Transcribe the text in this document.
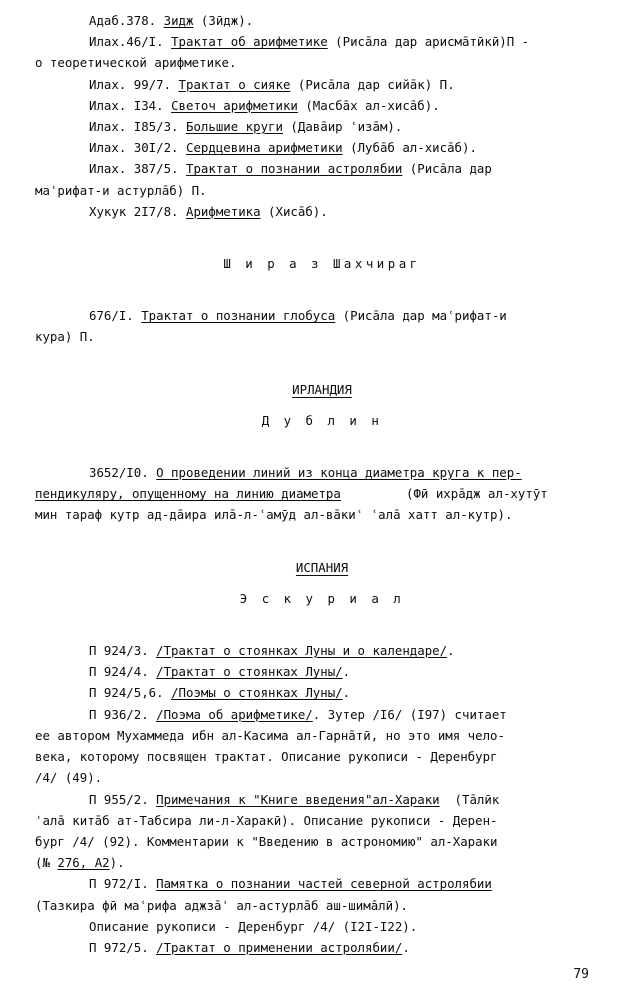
Адаб.378. Зидж (Зӣдж).

Илах.46/I. Трактат об арифметике (Рисāла дар арисмāтӣкӣ)П -
о теоретической арифметике.

Илах. 99/7. Трактат о сияке (Рисāла дар сийāк) П.

Илах. I34. Светоч арифметики (Масбāх ал-хисāб).

Илах. I85/3. Большие круги (Давāир ʿизāм).

Илах. 30I/2. Сердцевина арифметики (Лубāб ал-хисāб).

Илах. 387/5. Трактат о познании астролябии (Рисāла дар
маʿрифат-и астурлāб) П.

Хукук 2I7/8. Арифметика (Хисāб).

Ш и р а з Шахчираг

676/I. Трактат о познании глобуса (Рисāла дар маʿрифат-и
кура) П.

ИРЛАНДИЯ

Д у б л и н

3652/I0. О проведении линий из конца диаметра круга к пер-
пендикуляру, опущенному на линию диаметра	(Фӣ ихрāдж ал-хутӯт
мин тараф кутр ад-дāира илā-л-ʿамӯд ал-вāкиʿ ʿалā хатт ал-кутр).

ИСПАНИЯ

Э с к у р и а л

П 924/3. /Трактат о стоянках Луны и о календаре/.

П 924/4. /Трактат о стоянках Луны/.

П 924/5,6. /Поэмы о стоянках Луны/.

П 936/2. /Поэма об арифметике/. Зутер /I6/ (I97) считает
ее автором Мухаммеда ибн ал-Касима ал-Гарнāтӣ, но это имя чело-
века, которому посвящен трактат. Описание рукописи - Деренбург
/4/ (49).

П 955/2. Примечания к "Книге введения"ал-Хараки  (Тāлӣк
ʿалā китāб ат-Табсира ли-л-Харакӣ). Описание рукописи - Дерен-
бург /4/ (92). Комментарии к "Введению в астрономию" ал-Хараки
(№ 276, A2).

П 972/I. Памятка о познании частей северной астролябии
(Тазкира фӣ маʿрифа аджзāʾ ал-астурлāб аш-шимāлӣ).

Описание рукописи - Деренбург /4/ (I2I-I22).

П 972/5. /Трактат о применении астролябии/.

79
